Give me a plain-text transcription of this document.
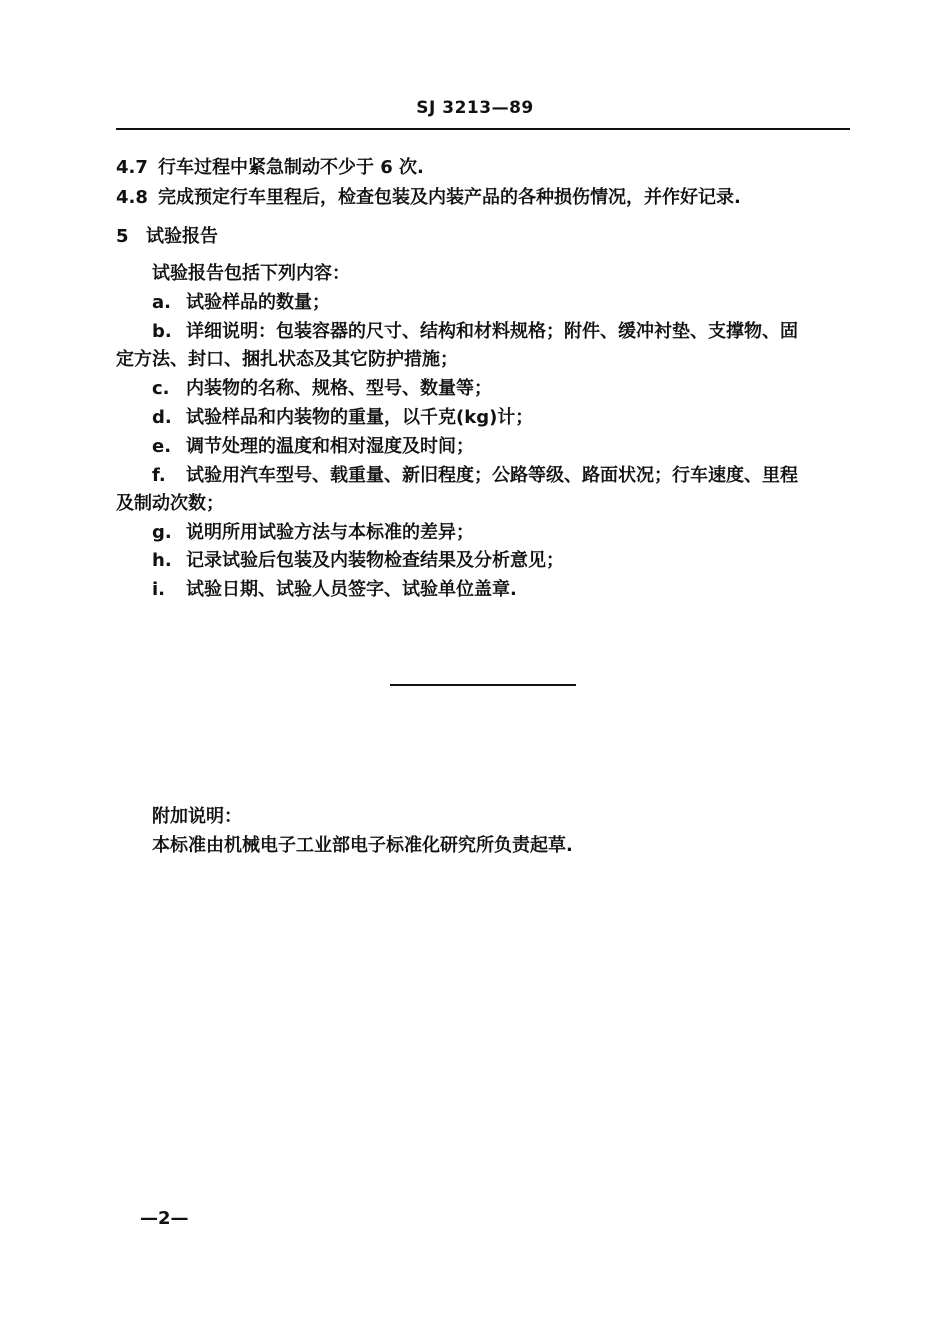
SJ 3213—89
4.7 行车过程中紧急制动不少于 6 次.
4.8 完成预定行车里程后，检查包装及内装产品的各种损伤情况，并作好记录.
5 试验报告
试验报告包括下列内容：
a. 试验样品的数量；
b. 详细说明：包装容器的尺寸、结构和材料规格；附件、缓冲衬垫、支撑物、固
定方法、封口、捆扎状态及其它防护措施；
c. 内装物的名称、规格、型号、数量等；
d. 试验样品和内装物的重量，以千克(kg)计；
e. 调节处理的温度和相对湿度及时间；
f. 试验用汽车型号、载重量、新旧程度；公路等级、路面状况；行车速度、里程
及制动次数；
g. 说明所用试验方法与本标准的差异；
h. 记录试验后包装及内装物检查结果及分析意见；
i. 试验日期、试验人员签字、试验单位盖章.
附加说明：
本标准由机械电子工业部电子标准化研究所负责起草.
—2—
